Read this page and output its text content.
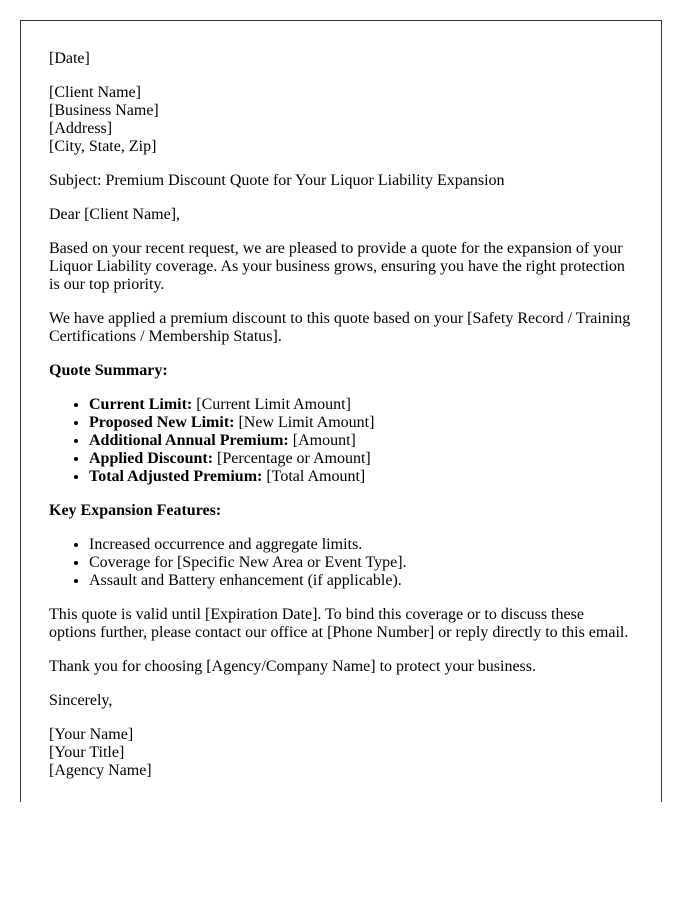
[Date]

[Client Name]
[Business Name]
[Address]
[City, State, Zip]

Subject: Premium Discount Quote for Your Liquor Liability Expansion

Dear [Client Name],

Based on your recent request, we are pleased to provide a quote for the expansion of your Liquor Liability coverage. As your business grows, ensuring you have the right protection is our top priority.

We have applied a premium discount to this quote based on your [Safety Record / Training Certifications / Membership Status].

Quote Summary:

• Current Limit: [Current Limit Amount]
• Proposed New Limit: [New Limit Amount]
• Additional Annual Premium: [Amount]
• Applied Discount: [Percentage or Amount]
• Total Adjusted Premium: [Total Amount]

Key Expansion Features:

• Increased occurrence and aggregate limits.
• Coverage for [Specific New Area or Event Type].
• Assault and Battery enhancement (if applicable).

This quote is valid until [Expiration Date]. To bind this coverage or to discuss these options further, please contact our office at [Phone Number] or reply directly to this email.

Thank you for choosing [Agency/Company Name] to protect your business.

Sincerely,

[Your Name]
[Your Title]
[Agency Name]
